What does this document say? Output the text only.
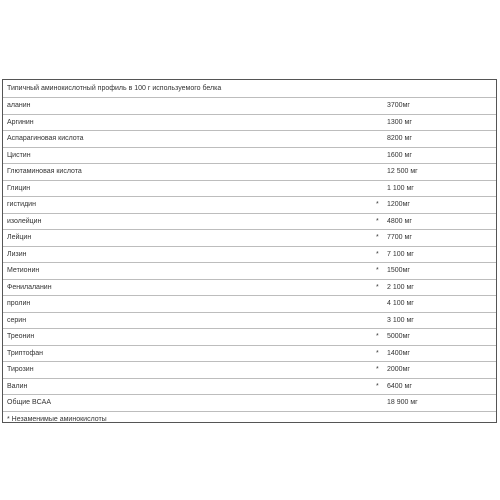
Типичный аминокислотный профиль в 100 г используемого белка
аланин	3700мг
Аргинин	1300 мг
Аспарагиновая кислота	8200 мг
Цистин	1600 мг
Глютаминовая кислота	12 500 мг
Глицин	1 100 мг
гистидин	* 1200мг
изолейцин	* 4800 мг
Лейцин	* 7700 мг
Лизин	* 7 100 мг
Метионин	* 1500мг
Фенилаланин	* 2 100 мг
пролин	4 100 мг
серин	3 100 мг
Треонин	* 5000мг
Триптофан	* 1400мг
Тирозин	* 2000мг
Валин	* 6400 мг
Общие BCAA	18 900 мг
* Незаменимые аминокислоты
